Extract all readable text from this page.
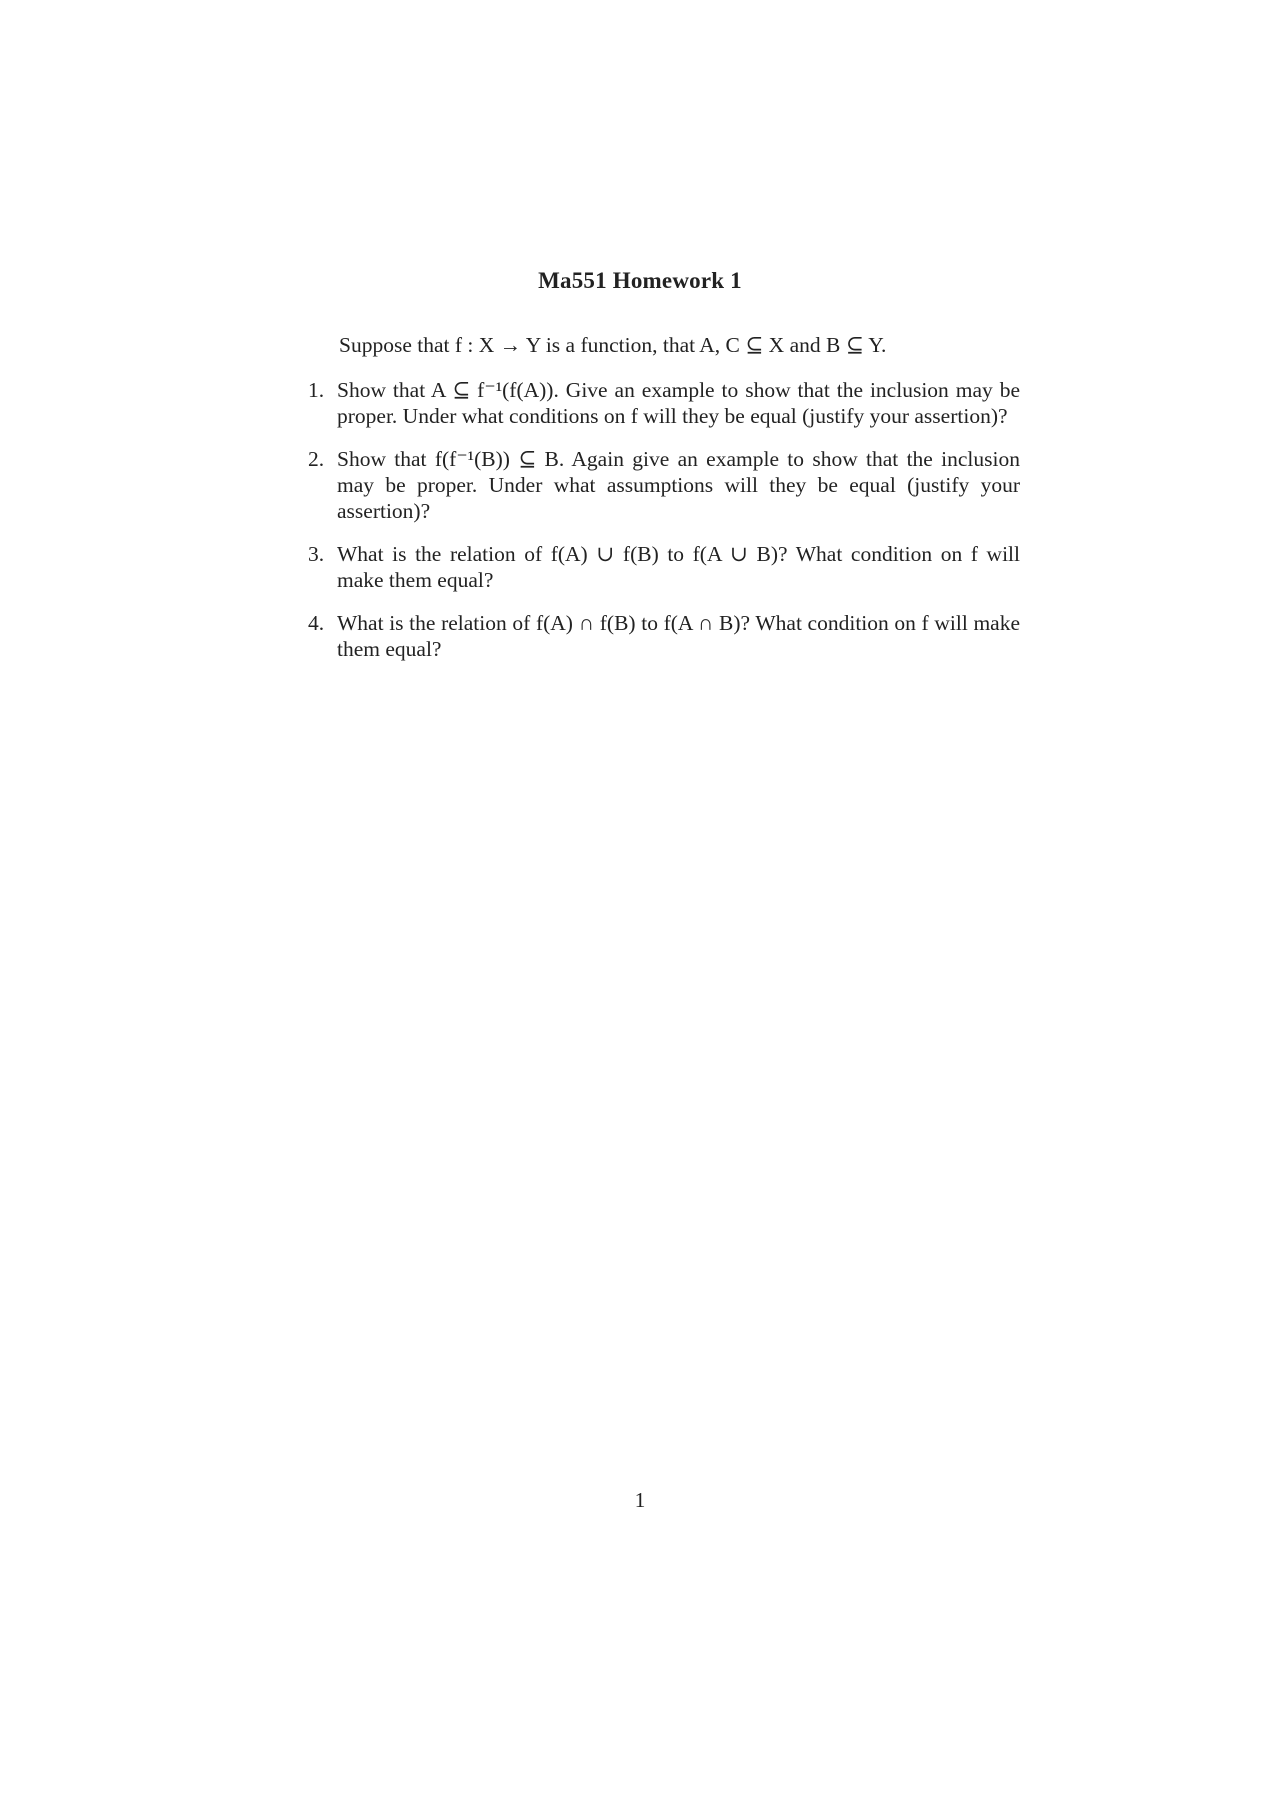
Ma551 Homework 1
Suppose that f : X → Y is a function, that A, C ⊆ X and B ⊆ Y.
1. Show that A ⊆ f⁻¹(f(A)). Give an example to show that the inclusion may be proper. Under what conditions on f will they be equal (justify your assertion)?
2. Show that f(f⁻¹(B)) ⊆ B. Again give an example to show that the inclusion may be proper. Under what assumptions will they be equal (justify your assertion)?
3. What is the relation of f(A) ∪ f(B) to f(A ∪ B)? What condition on f will make them equal?
4. What is the relation of f(A) ∩ f(B) to f(A ∩ B)? What condition on f will make them equal?
1
